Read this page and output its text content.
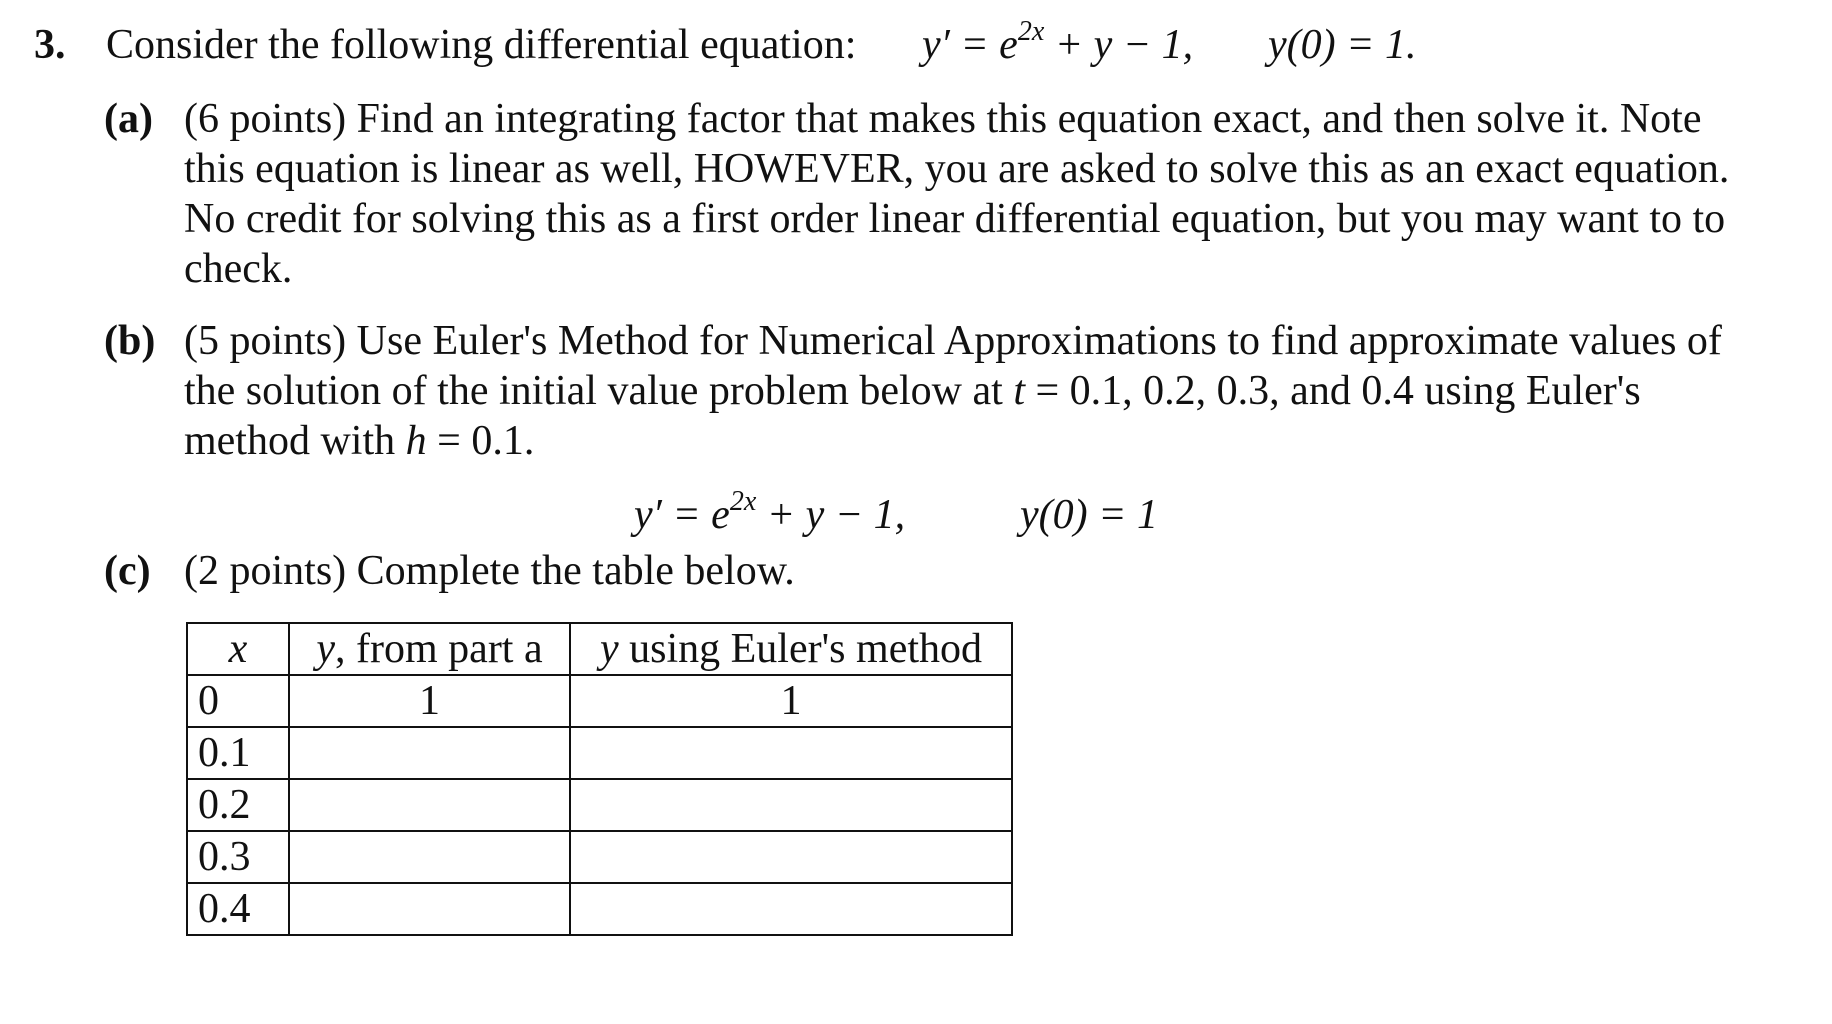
3. Consider the following differential equation: $y' = e^{2x} + y - 1$, y(0) = 1.
(a) (6 points) Find an integrating factor that makes this equation exact, and then solve it. Note
this equation is linear as well, HOWEVER, you are asked to solve this as an exact equation.
No credit for solving this as a first order linear differential equation, but you may want to to
check.
(b) (5 points) Use Euler's Method for Numerical Approximations to find approximate values of
the solution of the initial value problem below at t = 0.1, 0.2, 0.3, and 0.4 using Euler's
method with h = 0.1.
$y' = e^{2x} + y - 1$,	y(0) = 1
(c) (2 points) Complete the table below.
x	y, from part a	y using Euler's method
0	1	1
0.1		
0.2		
0.3		
0.4		
